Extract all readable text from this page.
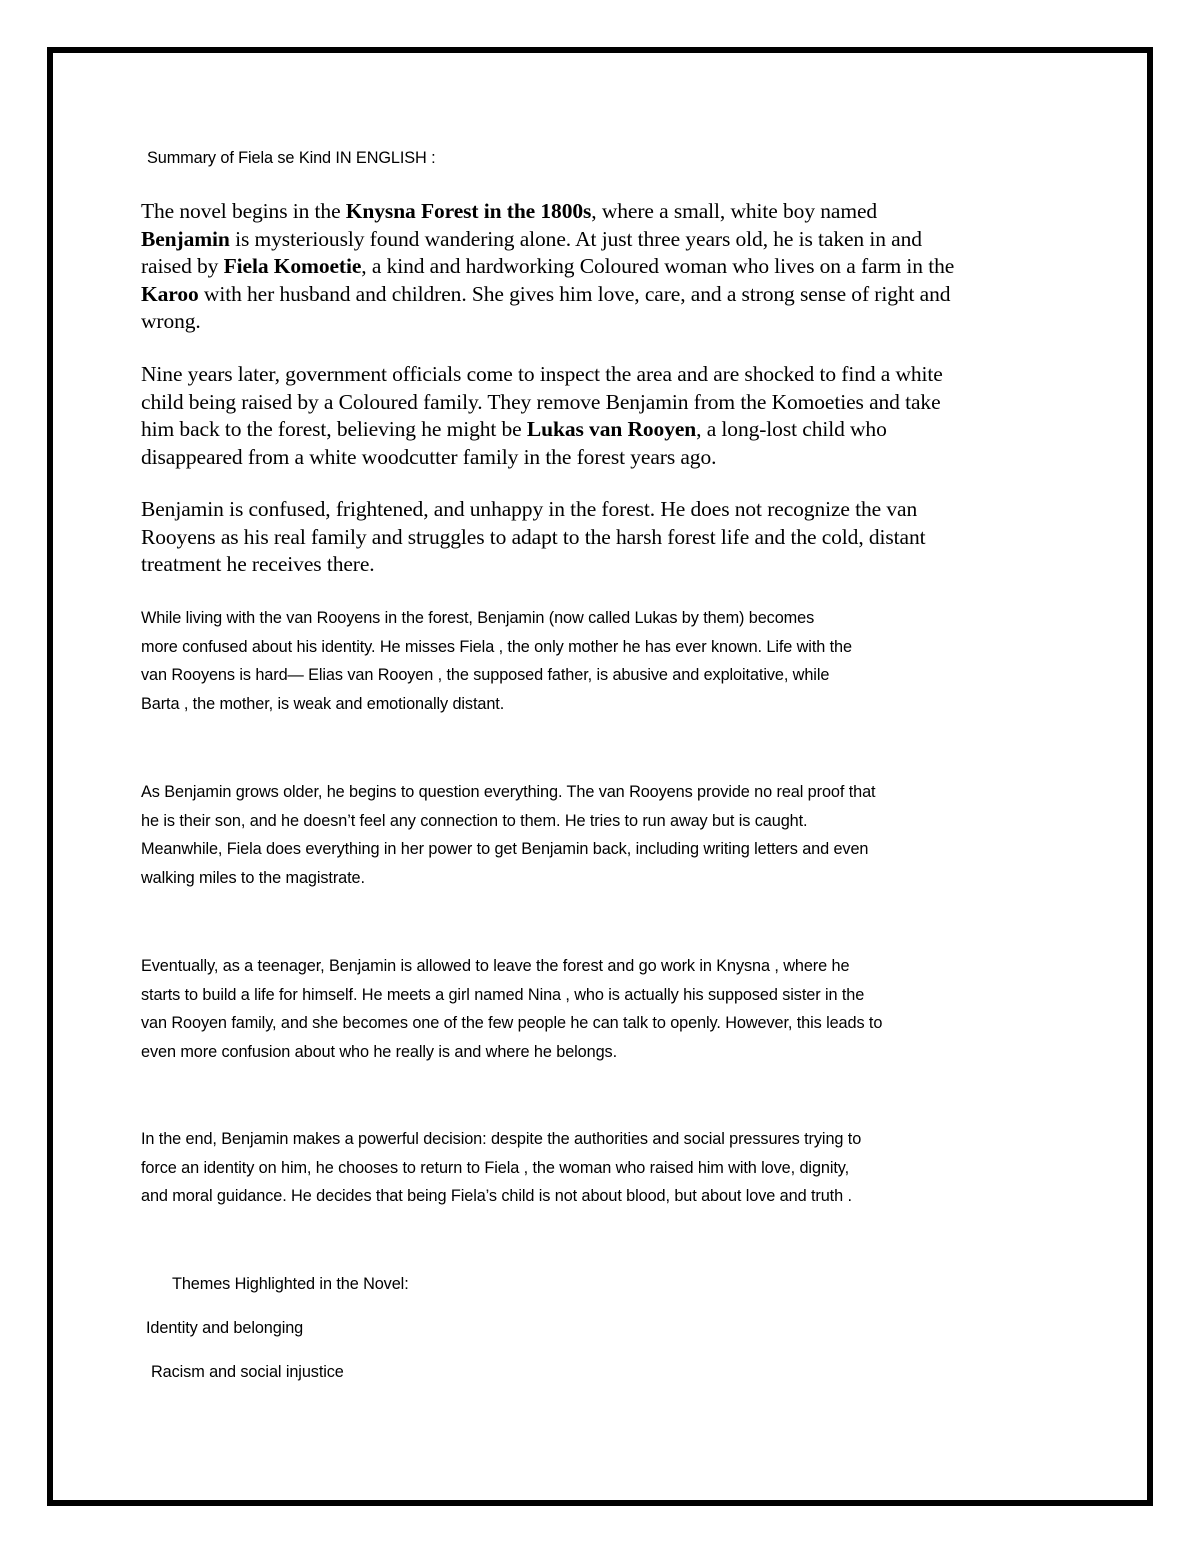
Summary of Fiela se Kind IN ENGLISH :
The novel begins in the Knysna Forest in the 1800s, where a small, white boy named
Benjamin is mysteriously found wandering alone. At just three years old, he is taken in and
raised by Fiela Komoetie, a kind and hardworking Coloured woman who lives on a farm in the
Karoo with her husband and children. She gives him love, care, and a strong sense of right and
wrong.
Nine years later, government officials come to inspect the area and are shocked to find a white
child being raised by a Coloured family. They remove Benjamin from the Komoeties and take
him back to the forest, believing he might be Lukas van Rooyen, a long-lost child who
disappeared from a white woodcutter family in the forest years ago.
Benjamin is confused, frightened, and unhappy in the forest. He does not recognize the van
Rooyens as his real family and struggles to adapt to the harsh forest life and the cold, distant
treatment he receives there.
While living with the van Rooyens in the forest, Benjamin (now called Lukas by them) becomes
more confused about his identity. He misses Fiela , the only mother he has ever known. Life with the
van Rooyens is hard— Elias van Rooyen , the supposed father, is abusive and exploitative, while
Barta , the mother, is weak and emotionally distant.
As Benjamin grows older, he begins to question everything. The van Rooyens provide no real proof that
he is their son, and he doesn’t feel any connection to them. He tries to run away but is caught.
Meanwhile, Fiela does everything in her power to get Benjamin back, including writing letters and even
walking miles to the magistrate.
Eventually, as a teenager, Benjamin is allowed to leave the forest and go work in Knysna , where he
starts to build a life for himself. He meets a girl named Nina , who is actually his supposed sister in the
van Rooyen family, and she becomes one of the few people he can talk to openly. However, this leads to
even more confusion about who he really is and where he belongs.
In the end, Benjamin makes a powerful decision: despite the authorities and social pressures trying to
force an identity on him, he chooses to return to Fiela , the woman who raised him with love, dignity,
and moral guidance. He decides that being Fiela’s child is not about blood, but about love and truth .
Themes Highlighted in the Novel:
Identity and belonging
Racism and social injustice
